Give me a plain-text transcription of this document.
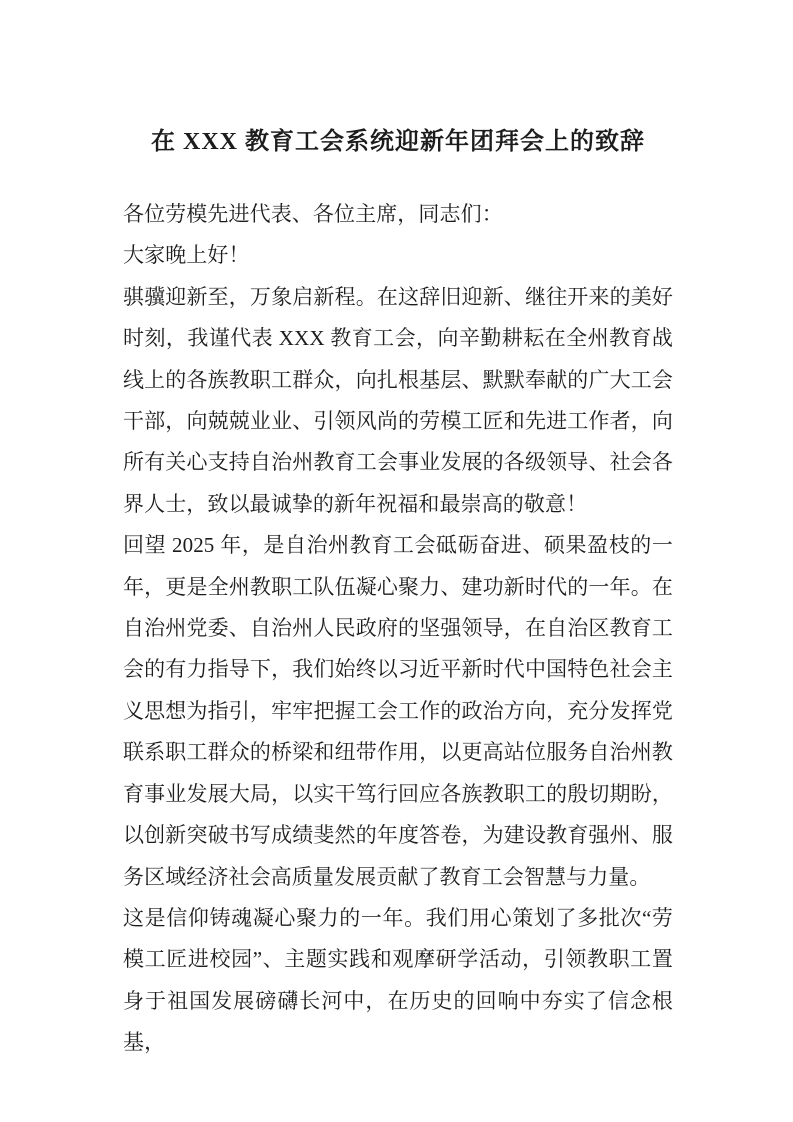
在 XXX 教育工会系统迎新年团拜会上的致辞

各位劳模先进代表、各位主席，同志们：

大家晚上好！

骐骥迎新至，万象启新程。在这辞旧迎新、继往开来的美好时刻，我谨代表 XXX 教育工会，向辛勤耕耘在全州教育战线上的各族教职工群众，向扎根基层、默默奉献的广大工会干部，向兢兢业业、引领风尚的劳模工匠和先进工作者，向所有关心支持自治州教育工会事业发展的各级领导、社会各界人士，致以最诚挚的新年祝福和最崇高的敬意！

回望 2025 年，是自治州教育工会砥砺奋进、硕果盈枝的一年，更是全州教职工队伍凝心聚力、建功新时代的一年。在自治州党委、自治州人民政府的坚强领导，在自治区教育工会的有力指导下，我们始终以习近平新时代中国特色社会主义思想为指引，牢牢把握工会工作的政治方向，充分发挥党联系职工群众的桥梁和纽带作用，以更高站位服务自治州教育事业发展大局，以实干笃行回应各族教职工的殷切期盼，以创新突破书写成绩斐然的年度答卷，为建设教育强州、服务区域经济社会高质量发展贡献了教育工会智慧与力量。

这是信仰铸魂凝心聚力的一年。我们用心策划了多批次“劳模工匠进校园”、主题实践和观摩研学活动，引领教职工置身于祖国发展磅礴长河中，在历史的回响中夯实了信念根基，
